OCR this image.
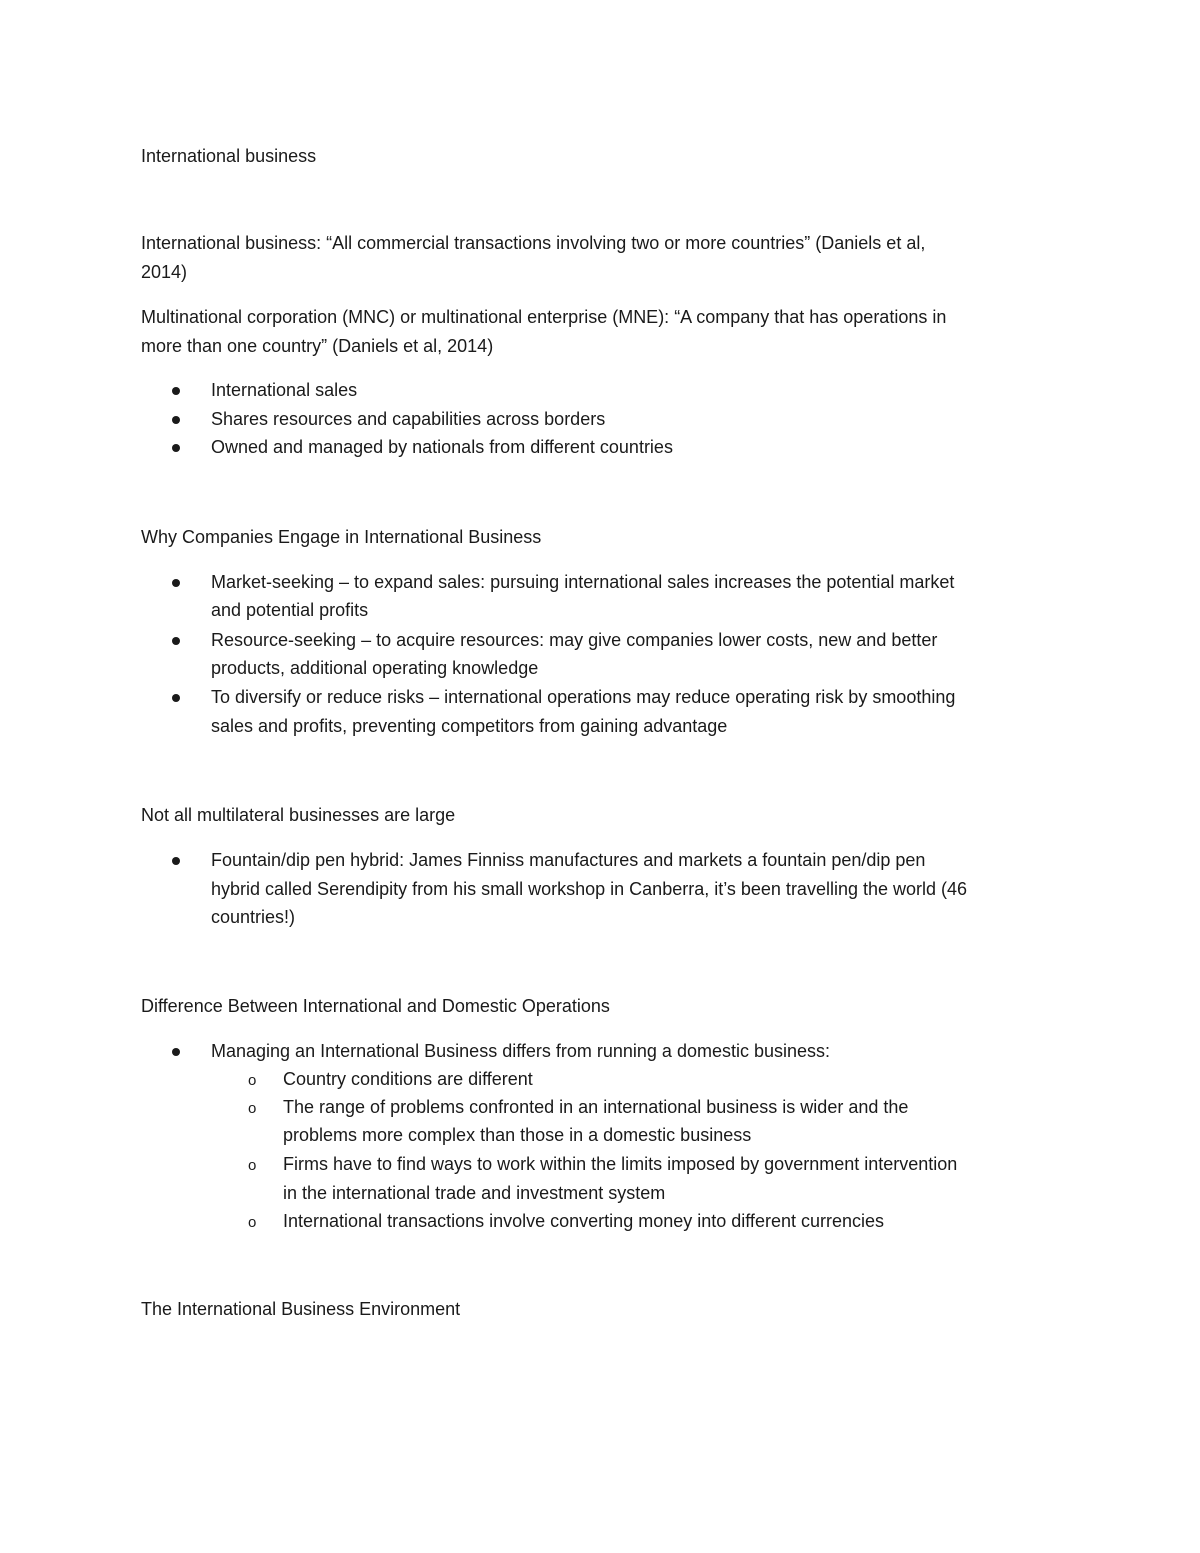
International business
International business: “All commercial transactions involving two or more countries” (Daniels et al,
2014)
Multinational corporation (MNC) or multinational enterprise (MNE): “A company that has operations in
more than one country” (Daniels et al, 2014)
International sales
Shares resources and capabilities across borders
Owned and managed by nationals from different countries
Why Companies Engage in International Business
Market-seeking – to expand sales: pursuing international sales increases the potential market
and potential profits
Resource-seeking – to acquire resources: may give companies lower costs, new and better
products, additional operating knowledge
To diversify or reduce risks – international operations may reduce operating risk by smoothing
sales and profits, preventing competitors from gaining advantage
Not all multilateral businesses are large
Fountain/dip pen hybrid: James Finniss manufactures and markets a fountain pen/dip pen
hybrid called Serendipity from his small workshop in Canberra, it’s been travelling the world (46
countries!)
Difference Between International and Domestic Operations
Managing an International Business differs from running a domestic business:
o Country conditions are different
o The range of problems confronted in an international business is wider and the
problems more complex than those in a domestic business
o Firms have to find ways to work within the limits imposed by government intervention
in the international trade and investment system
o International transactions involve converting money into different currencies
The International Business Environment
